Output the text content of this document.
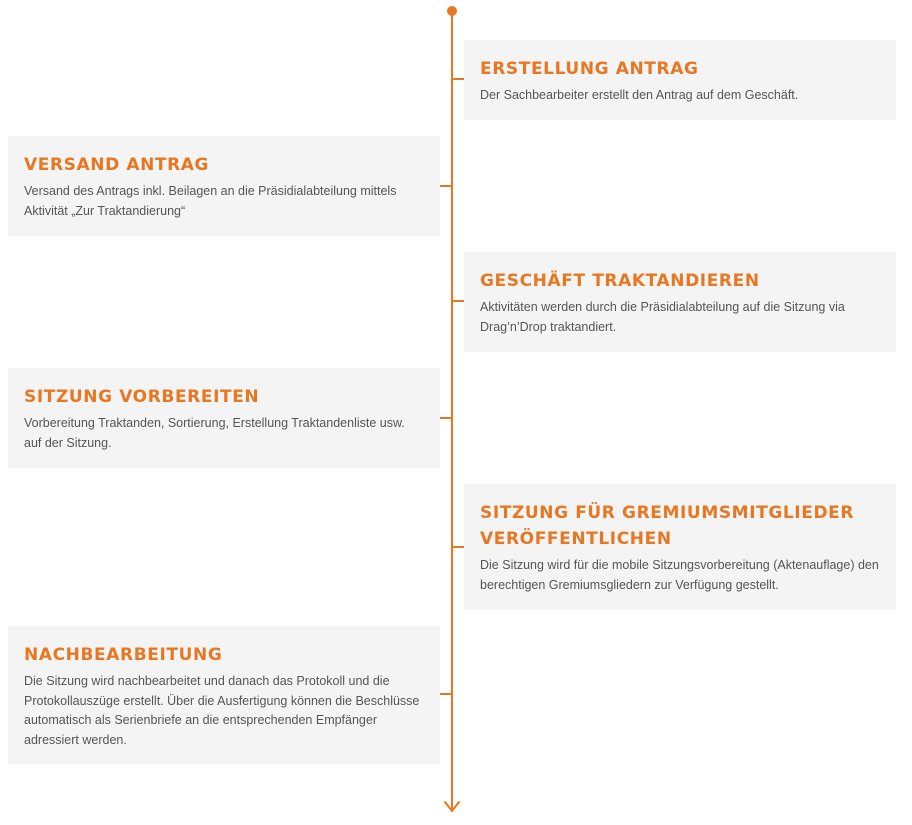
ERSTELLUNG ANTRAG

Der Sachbearbeiter erstellt den Antrag auf dem Geschäft.

VERSAND ANTRAG

Versand des Antrags inkl. Beilagen an die Präsidialabteilung mittels Aktivität „Zur Traktandierung“

GESCHÄFT TRAKTANDIEREN

Aktivitäten werden durch die Präsidialabteilung auf die Sitzung via Drag’n’Drop traktandiert.

SITZUNG VORBEREITEN

Vorbereitung Traktanden, Sortierung, Erstellung Traktandenliste usw. auf der Sitzung.

SITZUNG FÜR GREMIUMSMITGLIEDER VERÖFFENTLICHEN

Die Sitzung wird für die mobile Sitzungsvorbereitung (Aktenauflage) den berechtigen Gremiumsgliedern zur Verfügung gestellt.

NACHBEARBEITUNG

Die Sitzung wird nachbearbeitet und danach das Protokoll und die Protokollauszüge erstellt. Über die Ausfertigung können die Beschlüsse automatisch als Serienbriefe an die entsprechenden Empfänger adressiert werden.
